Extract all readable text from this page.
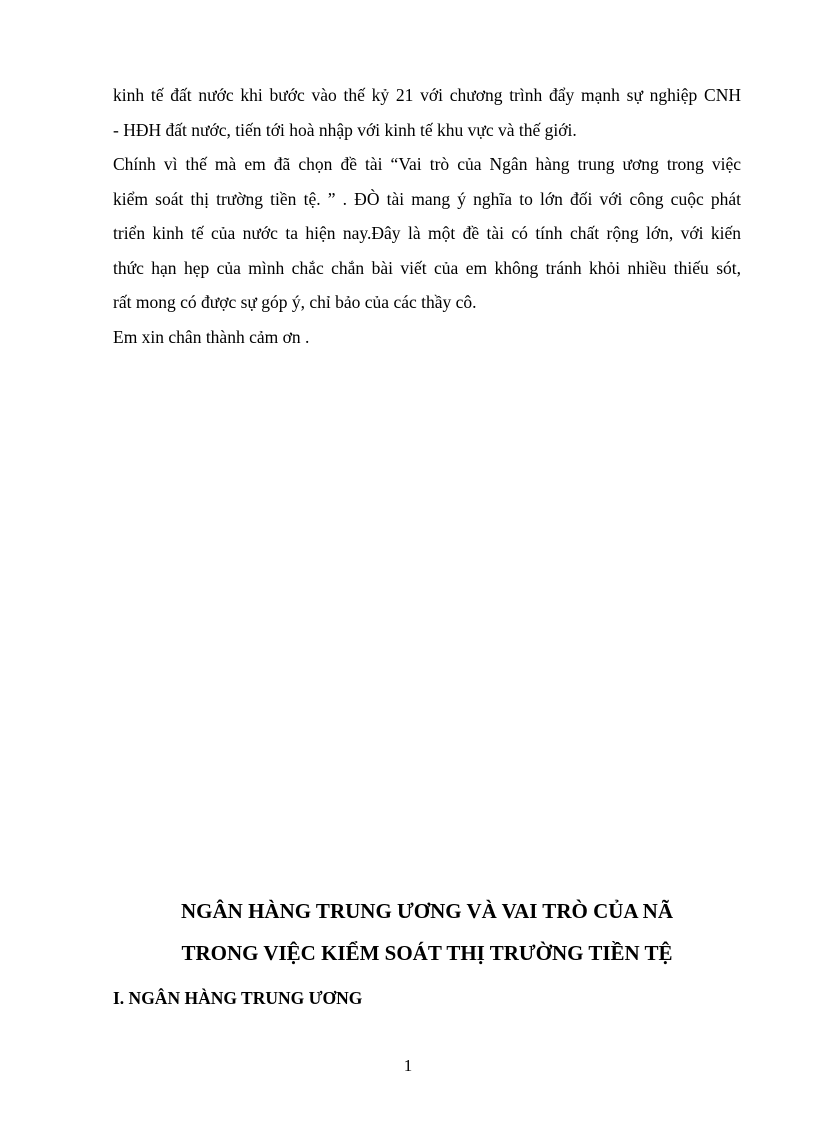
kinh tế đất nước khi bước vào thế kỷ 21 với chương trình đẩy mạnh sự nghiệp CNH
- HĐH đất nước, tiến tới hoà nhập với kinh tế khu vực và thế giới.

Chính vì thế mà em đã chọn đề tài “Vai trò của Ngân hàng trung ương trong việc
kiểm soát thị trường tiền tệ. ” . ĐÒ tài mang ý nghĩa to lớn đối với công cuộc phát
triển kinh tế của nước ta hiện nay.Đây là một đề tài có tính chất rộng lớn, với kiến
thức hạn hẹp của mình chắc chắn bài viết của em không tránh khỏi nhiều thiếu sót,
rất mong có được sự góp ý, chỉ bảo của các thầy cô.

Em xin chân thành cảm ơn .

NGÂN HÀNG TRUNG ƯƠNG VÀ VAI TRÒ CỦA NÃ

TRONG VIỆC KIỂM SOÁT THỊ TRƯỜNG TIỀN TỆ

I. NGÂN HÀNG TRUNG ƯƠNG

1
